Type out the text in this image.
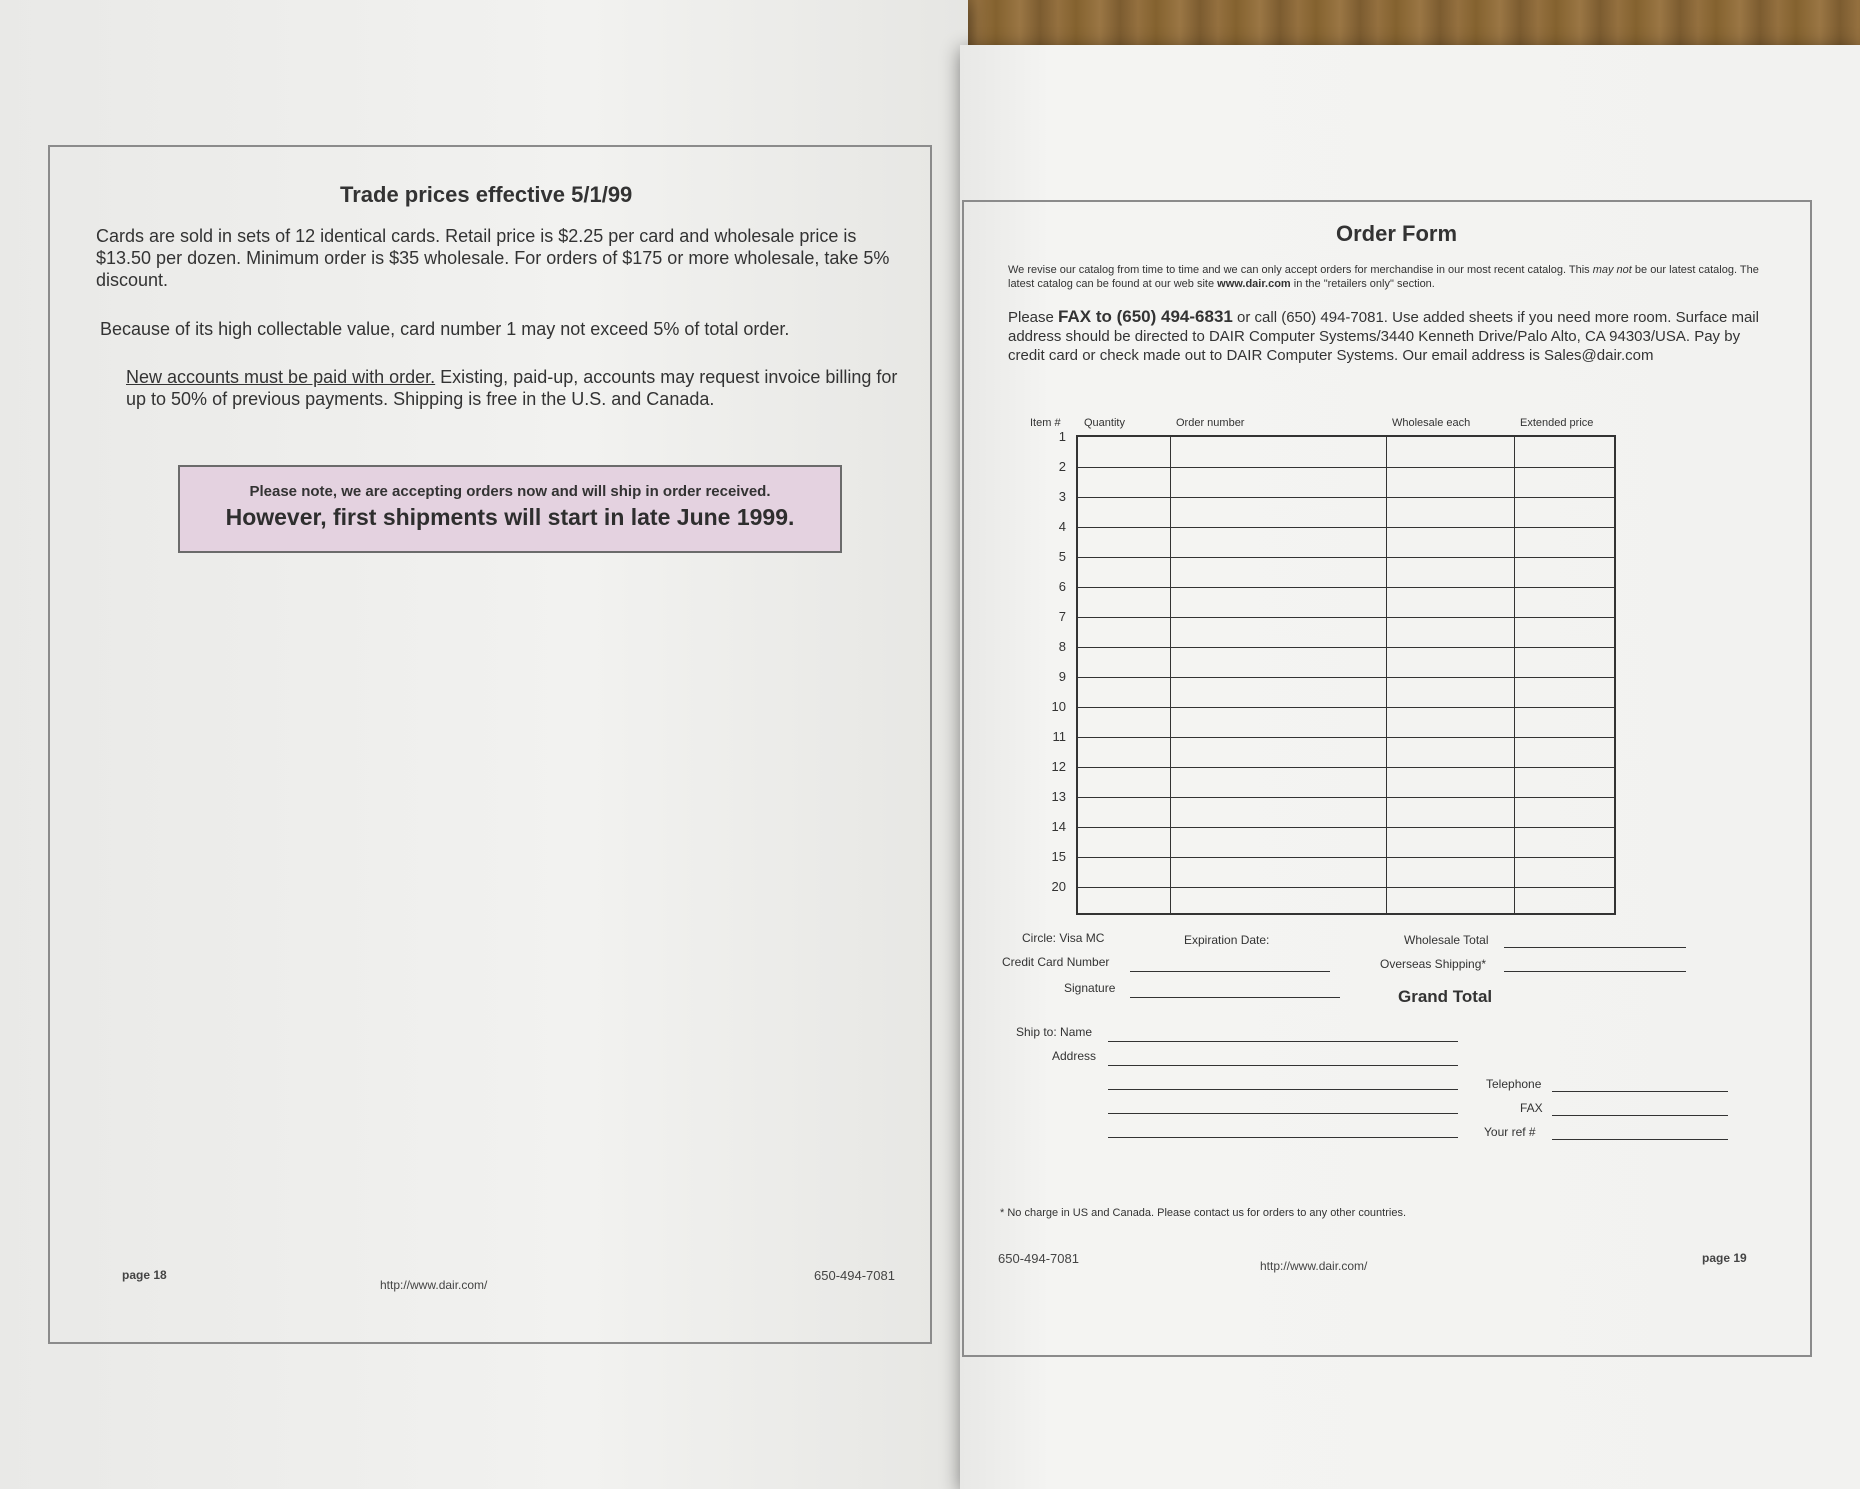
Trade prices effective 5/1/99
Cards are sold in sets of 12 identical cards. Retail price is $2.25 per card and wholesale price is $13.50 per dozen. Minimum order is $35 wholesale. For orders of $175 or more wholesale, take 5% discount.
Because of its high collectable value, card number 1 may not exceed 5% of total order.
New accounts must be paid with order. Existing, paid-up, accounts may request invoice billing for up to 50% of previous payments. Shipping is free in the U.S. and Canada.
Please note, we are accepting orders now and will ship in order received.
However, first shipments will start in late June 1999.
page 18
http://www.dair.com/
650-494-7081
Order Form
We revise our catalog from time to time and we can only accept orders for merchandise in our most recent catalog. This may not be our latest catalog. The latest catalog can be found at our web site www.dair.com in the "retailers only" section.
Please FAX to (650) 494-6831 or call (650) 494-7081. Use added sheets if you need more room. Surface mail address should be directed to DAIR Computer Systems/3440 Kenneth Drive/Palo Alto, CA 94303/USA. Pay by credit card or check made out to DAIR Computer Systems. Our email address is Sales@dair.com
Item # Quantity	Order number	Wholesale each	Extended price
1
2
3
4
5
6
7
8
9
10
11
12
13
14
15
20
Circle: Visa MC	Expiration Date:	Wholesale Total
Credit Card Number	Overseas Shipping*
Signature	Grand Total
Ship to: Name
Address
Telephone
FAX
Your ref #
* No charge in US and Canada. Please contact us for orders to any other countries.
650-494-7081	http://www.dair.com/
page 19
